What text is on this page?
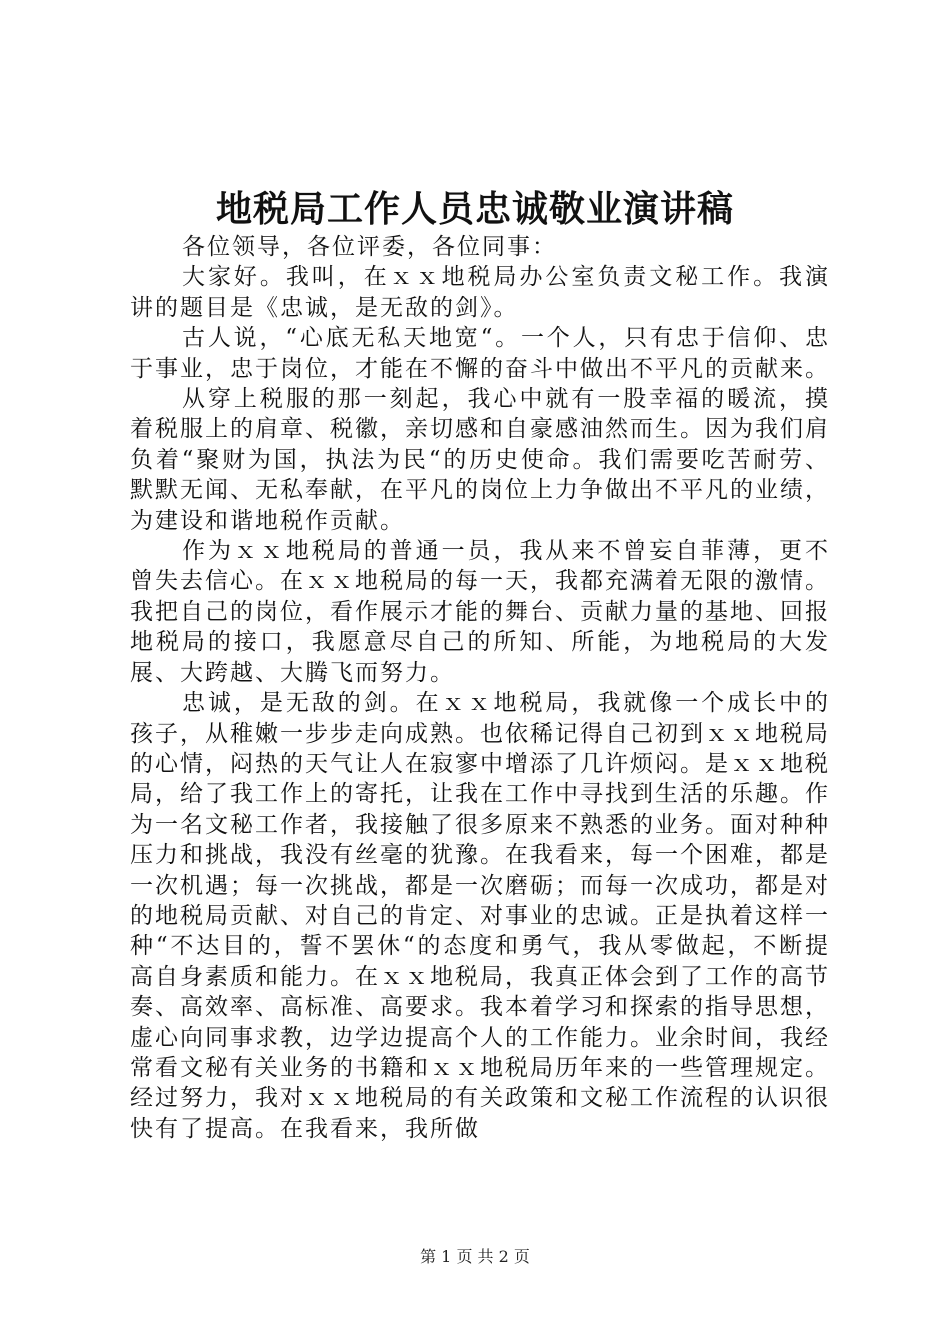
地税局工作人员忠诚敬业演讲稿

各位领导，各位评委，各位同事：

大家好。我叫，在ｘｘ地税局办公室负责文秘工作。我演讲的题目是《忠诚，是无敌的剑》。

古人说，“心底无私天地宽“。一个人，只有忠于信仰、忠于事业，忠于岗位，才能在不懈的奋斗中做出不平凡的贡献来。

从穿上税服的那一刻起，我心中就有一股幸福的暖流，摸着税服上的肩章、税徽，亲切感和自豪感油然而生。因为我们肩负着“聚财为国，执法为民“的历史使命。我们需要吃苦耐劳、默默无闻、无私奉献，在平凡的岗位上力争做出不平凡的业绩，为建设和谐地税作贡献。

作为ｘｘ地税局的普通一员，我从来不曾妄自菲薄，更不曾失去信心。在ｘｘ地税局的每一天，我都充满着无限的激情。我把自己的岗位，看作展示才能的舞台、贡献力量的基地、回报地税局的接口，我愿意尽自己的所知、所能，为地税局的大发展、大跨越、大腾飞而努力。

忠诚，是无敌的剑。在ｘｘ地税局，我就像一个成长中的孩子，从稚嫩一步步走向成熟。也依稀记得自己初到ｘｘ地税局的心情，闷热的天气让人在寂寥中增添了几许烦闷。是ｘｘ地税局，给了我工作上的寄托，让我在工作中寻找到生活的乐趣。作为一名文秘工作者，我接触了很多原来不熟悉的业务。面对种种压力和挑战，我没有丝毫的犹豫。在我看来，每一个困难，都是一次机遇；每一次挑战，都是一次磨砺；而每一次成功，都是对的地税局贡献、对自己的肯定、对事业的忠诚。正是执着这样一种“不达目的，誓不罢休“的态度和勇气，我从零做起，不断提高自身素质和能力。在ｘｘ地税局，我真正体会到了工作的高节奏、高效率、高标准、高要求。我本着学习和探索的指导思想，虚心向同事求教，边学边提高个人的工作能力。业余时间，我经常看文秘有关业务的书籍和ｘｘ地税局历年来的一些管理规定。经过努力，我对ｘｘ地税局的有关政策和文秘工作流程的认识很快有了提高。在我看来，我所做

第 1 页 共 2 页
